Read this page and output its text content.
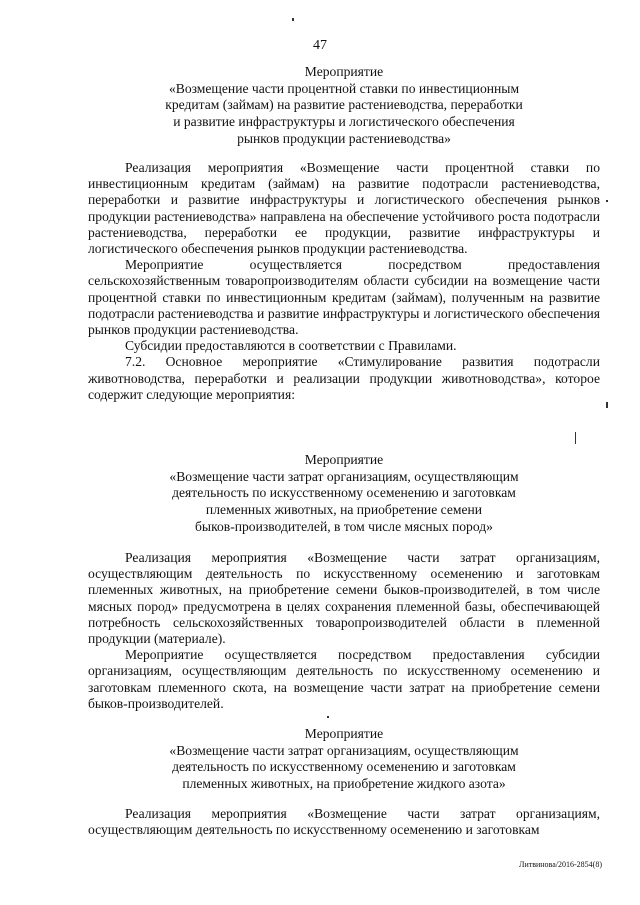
47
Мероприятие
«Возмещение части процентной ставки по инвестиционным
кредитам (займам) на развитие растениеводства, переработки
и развитие инфраструктуры и логистического обеспечения
рынков продукции растениеводства»

Реализация мероприятия «Возмещение части процентной ставки по инвестиционным кредитам (займам) на развитие подотрасли растениеводства, переработки и развитие инфраструктуры и логистического обеспечения рынков продукции растениеводства» направлена на обеспечение устойчивого роста подотрасли растениеводства, переработки ее продукции, развитие инфраструктуры и логистического обеспечения рынков продукции растениеводства.

Мероприятие осуществляется посредством предоставления сельскохозяйственным товаропроизводителям области субсидии на возмещение части процентной ставки по инвестиционным кредитам (займам), полученным на развитие подотрасли растениеводства и развитие инфраструктуры и логистического обеспечения рынков продукции растениеводства.

Субсидии предоставляются в соответствии с Правилами.

7.2. Основное мероприятие «Стимулирование развития подотрасли животноводства, переработки и реализации продукции животноводства», которое содержит следующие мероприятия:

Мероприятие
«Возмещение части затрат организациям, осуществляющим
деятельность по искусственному осеменению и заготовкам
племенных животных, на приобретение семени
быков-производителей, в том числе мясных пород»

Реализация мероприятия «Возмещение части затрат организациям, осуществляющим деятельность по искусственному осеменению и заготовкам племенных животных, на приобретение семени быков-производителей, в том числе мясных пород» предусмотрена в целях сохранения племенной базы, обеспечивающей потребность сельскохозяйственных товаропроизводителей области в племенной продукции (материале).

Мероприятие осуществляется посредством предоставления субсидии организациям, осуществляющим деятельность по искусственному осеменению и заготовкам племенного скота, на возмещение части затрат на приобретение семени быков-производителей.

Мероприятие
«Возмещение части затрат организациям, осуществляющим
деятельность по искусственному осеменению и заготовкам
племенных животных, на приобретение жидкого азота»

Реализация мероприятия «Возмещение части затрат организациям, осуществляющим деятельность по искусственному осеменению и заготовкам

Литвинова/2016-2854(8)
